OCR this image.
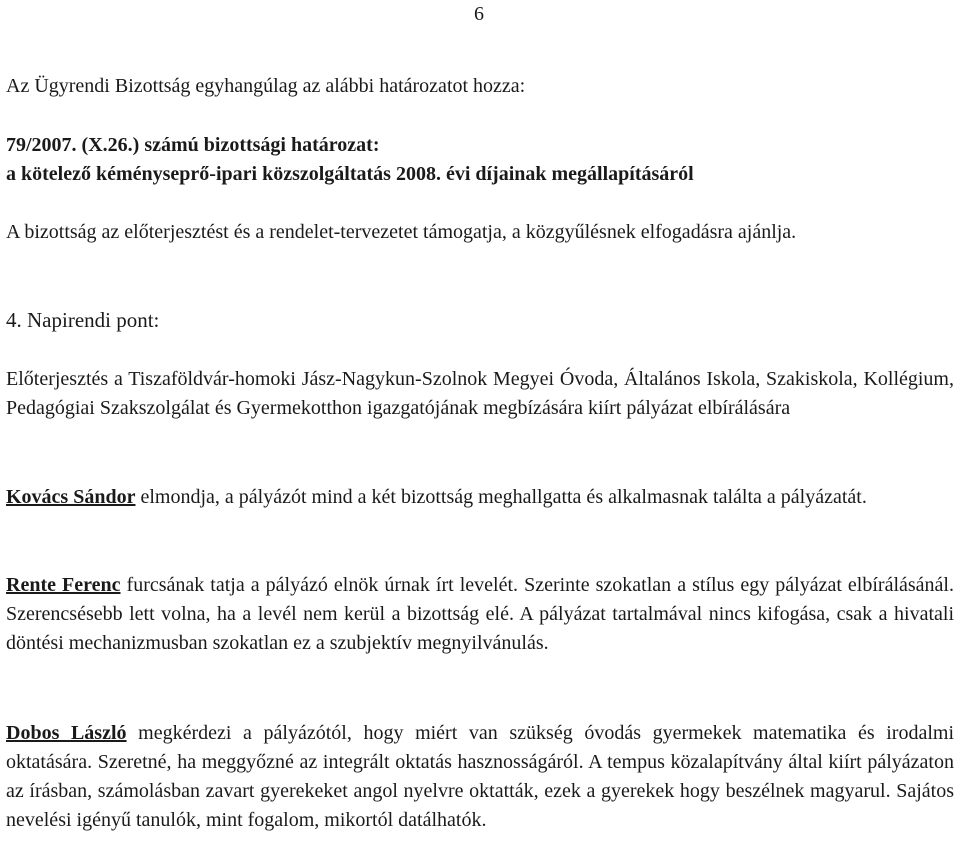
6
Az Ügyrendi Bizottság egyhangúlag az alábbi határozatot hozza:
79/2007. (X.26.) számú bizottsági határozat:
a kötelező kéményseprő-ipari közszolgáltatás 2008. évi díjainak megállapításáról
A bizottság az előterjesztést és a rendelet-tervezetet támogatja, a közgyűlésnek elfogadásra ajánlja.
4. Napirendi pont:
Előterjesztés a Tiszaföldvár-homoki Jász-Nagykun-Szolnok Megyei Óvoda, Általános Iskola, Szakiskola, Kollégium, Pedagógiai Szakszolgálat és Gyermekotthon igazgatójának megbízására kiírt pályázat elbírálására
Kovács Sándor elmondja, a pályázót mind a két bizottság meghallgatta és alkalmasnak találta a pályázatát.
Rente Ferenc furcsának tatja a pályázó elnök úrnak írt levelét. Szerinte szokatlan a stílus egy pályázat elbírálásánál. Szerencsésebb lett volna, ha a levél nem kerül a bizottság elé. A pályázat tartalmával nincs kifogása, csak a hivatali döntési mechanizmusban szokatlan ez a szubjektív megnyilvánulás.
Dobos László megkérdezi a pályázótól, hogy miért van szükség óvodás gyermekek matematika és irodalmi oktatására. Szeretné, ha meggyőzné az integrált oktatás hasznosságáról. A tempus közalapítvány által kiírt pályázaton az írásban, számolásban zavart gyerekeket angol nyelvre oktatták, ezek a gyerekek hogy beszélnek magyarul. Sajátos nevelési igényű tanulók, mint fogalom, mikortól datálhatók.
